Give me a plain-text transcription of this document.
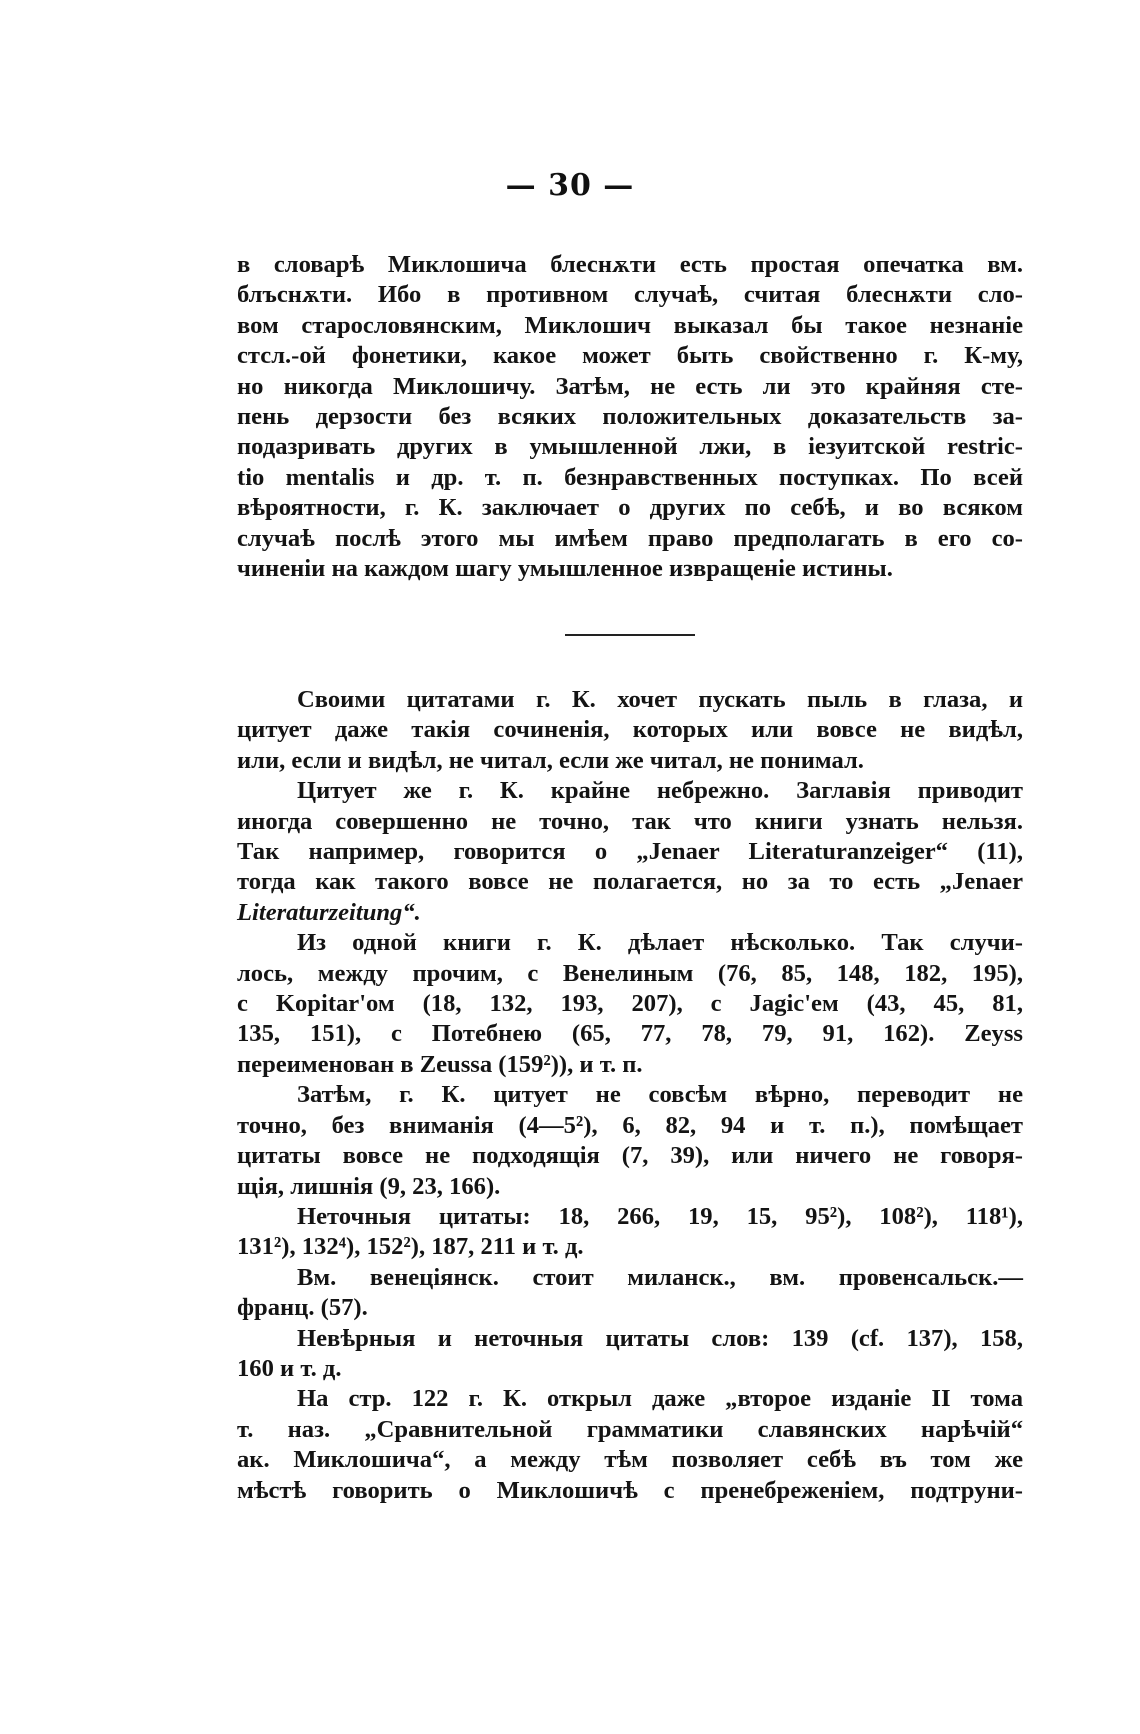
— 30 —

в словарѣ Миклошича блеснѫти есть простая опечатка вм.

блъснѫти. Ибо в противном случаѣ, считая блеснѫти сло-

вом старословянским, Миклошич выказал бы такое незнаніе

стсл.-ой фонетики, какое может быть свойственно г. К-му,

но никогда Миклошичу. Затѣм, не есть ли это крайняя сте-

пень дерзости без всяких положительных доказательств за-

подазривать других в умышленной лжи, в іезуитской restric-

tio mentalis и др. т. п. безнравственных поступках. По всей

вѣроятности, г. К. заключает о других по себѣ, и во всяком

случаѣ послѣ этого мы имѣем право предполагать в его со-

чиненіи на каждом шагу умышленное извращеніе истины.

Своими цитатами г. К. хочет пускать пыль в глаза, и

цитует даже такія сочиненія, которых или вовсе не видѣл,

или, если и видѣл, не читал, если же читал, не понимал.

Цитует же г. К. крайне небрежно. Заглавія приводит

иногда совершенно не точно, так что книги узнать нельзя.

Так например, говорится о „Jenaer Literaturanzeiger“ (11),

тогда как такого вовсе не полагается, но за то есть „Jenaer

Literaturzeitung“.

Из одной книги г. К. дѣлает нѣсколько. Так случи-

лось, между прочим, с Венелиным (76, 85, 148, 182, 195),

с Kopitar'ом (18, 132, 193, 207), с Jagic'ем (43, 45, 81,

135, 151), с Потебнею (65, 77, 78, 79, 91, 162). Zeyss

переименован в Zeussa (159²)), и т. п.

Затѣм, г. К. цитует не совсѣм вѣрно, переводит не

точно, без вниманія (4—5²), 6, 82, 94 и т. п.), помѣщает

цитаты вовсе не подходящія (7, 39), или ничего не говоря-

щія, лишнія (9, 23, 166).

Неточныя цитаты: 18, 266, 19, 15, 95²), 108²), 118¹),

131²), 132⁴), 152²), 187, 211 и т. д.

Вм. венеціянск. стоит миланск., вм. провенсальск.—

франц. (57).

Невѣрныя и неточныя цитаты слов: 139 (cf. 137), 158,

160 и т. д.

На стр. 122 г. К. открыл даже „второе изданіе II тома

т. наз. „Сравнительной грамматики славянских нарѣчій“

ак. Миклошича“, а между тѣм позволяет себѣ въ том же

мѣстѣ говорить о Миклошичѣ с пренебреженіем, подтруни-
